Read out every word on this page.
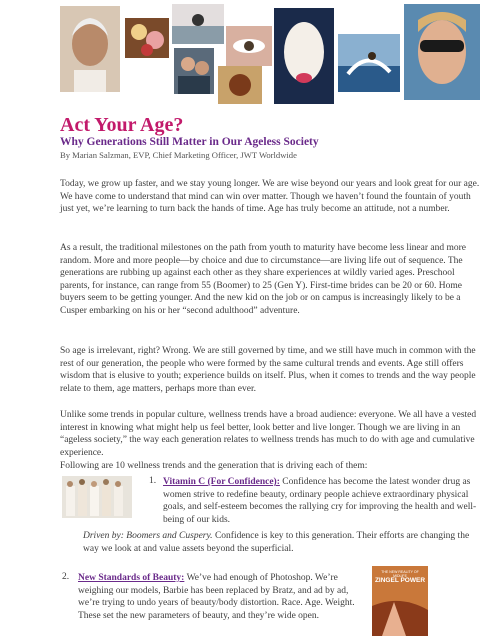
Act Your Age?
Why Generations Still Matter in Our Ageless Society

By Marian Salzman, EVP, Chief Marketing Officer, JWT Worldwide

Today, we grow up faster, and we stay young longer. We are wise beyond our years and look great for our age. We have come to understand that mind can win over matter. Though we haven’t found the fountain of youth just yet, we’re learning to turn back the hands of time. Age has truly become an attitude, not a number.

As a result, the traditional milestones on the path from youth to maturity have become less linear and more random. More and more people—by choice and due to circumstance—are living life out of sequence. The generations are rubbing up against each other as they share experiences at wildly varied ages. Preschool parents, for instance, can range from 55 (Boomer) to 25 (Gen Y). First-time brides can be 20 or 60. Home buyers seem to be getting younger. And the new kid on the job or on campus is increasingly likely to be a Cusper embarking on his or her “second adulthood” adventure.

So age is irrelevant, right? Wrong. We are still governed by time, and we still have much in common with the rest of our generation, the people who were formed by the same cultural trends and events. Age still offers wisdom that is elusive to youth; experience builds on itself. Plus, when it comes to trends and the way people relate to them, age matters, perhaps more than ever.

Unlike some trends in popular culture, wellness trends have a broad audience: everyone. We all have a vested interest in knowing what might help us feel better, look better and live longer. Though we are living in an “ageless society,” the way each generation relates to wellness trends has much to do with age and cumulative experience.

Following are 10 wellness trends and the generation that is driving each of them:

1. Vitamin C (For Confidence): Confidence has become the latest wonder drug as women strive to redefine beauty, ordinary people achieve extraordinary physical goals, and self-esteem becomes the rallying cry for improving the health and well-being of our kids.

Driven by: Boomers and Cuspery. Confidence is key to this generation. Their efforts are changing the way we look at and value assets beyond the superficial.

2. New Standards of Beauty: We’ve had enough of Photoshop. We’re weighing our models, Barbie has been replaced by Bratz, and ad by ad, we’re trying to undo years of beauty/body distortion. Race. Age. Weight. These set the new parameters of beauty, and they’re wide open.

THE NEW REALITY OF MIDLIFE
ZINGEL POWER
